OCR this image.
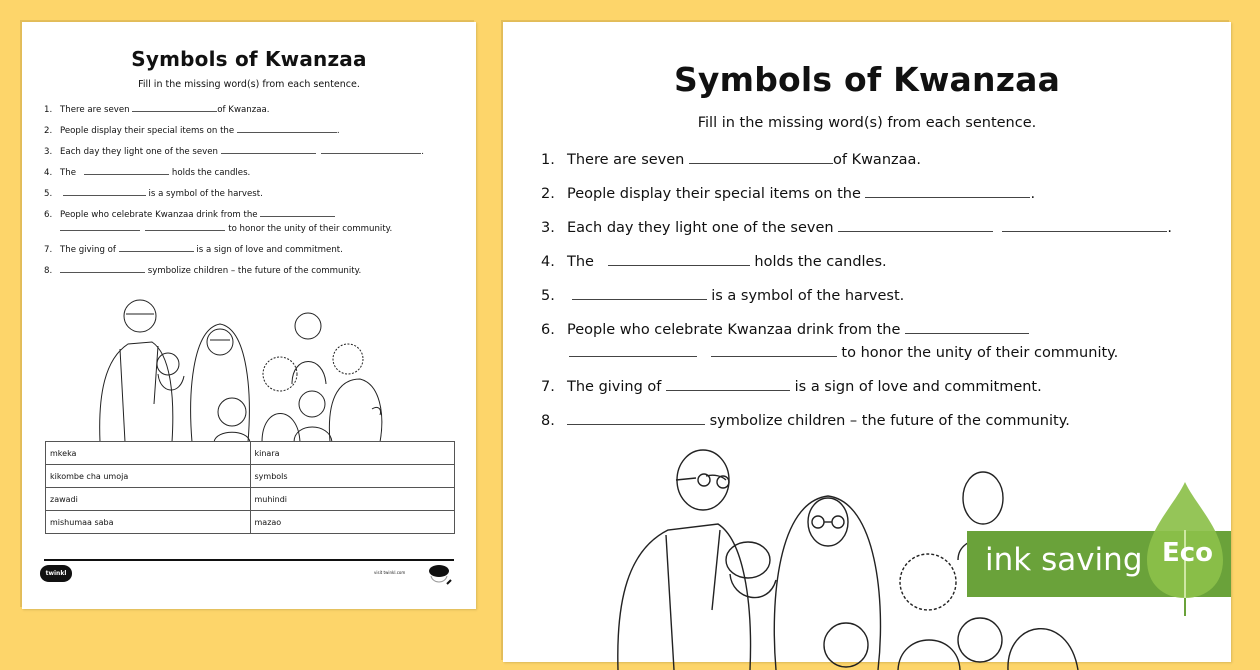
Symbols of Kwanzaa
Fill in the missing word(s) from each sentence.
1. There are seven	of Kwanzaa.
2. People display their special items on the	.
3. Each day they light one of the seven	.
4. The	holds the candles.
5.	is a symbol of the harvest.
6. People who celebrate Kwanzaa drink from the
to honor the unity of their community.
7. The giving of	is a sign of love and commitment.
8.	symbolize children – the future of the community.
mkeka	kinara
kikombe cha umoja	symbols
zawadi	muhindi
mishumaa saba	mazao
twinkl	visit twinkl.com
Symbols of Kwanzaa
Fill in the missing word(s) from each sentence.
1. There are seven	of Kwanzaa.
2. People display their special items on the	.
3. Each day they light one of the seven	.
4. The	holds the candles.
5.	is a symbol of the harvest.
6. People who celebrate Kwanzaa drink from the
to honor the unity of their community.
7. The giving of	is a sign of love and commitment.
8.	symbolize children – the future of the community.
ink saving Eco
